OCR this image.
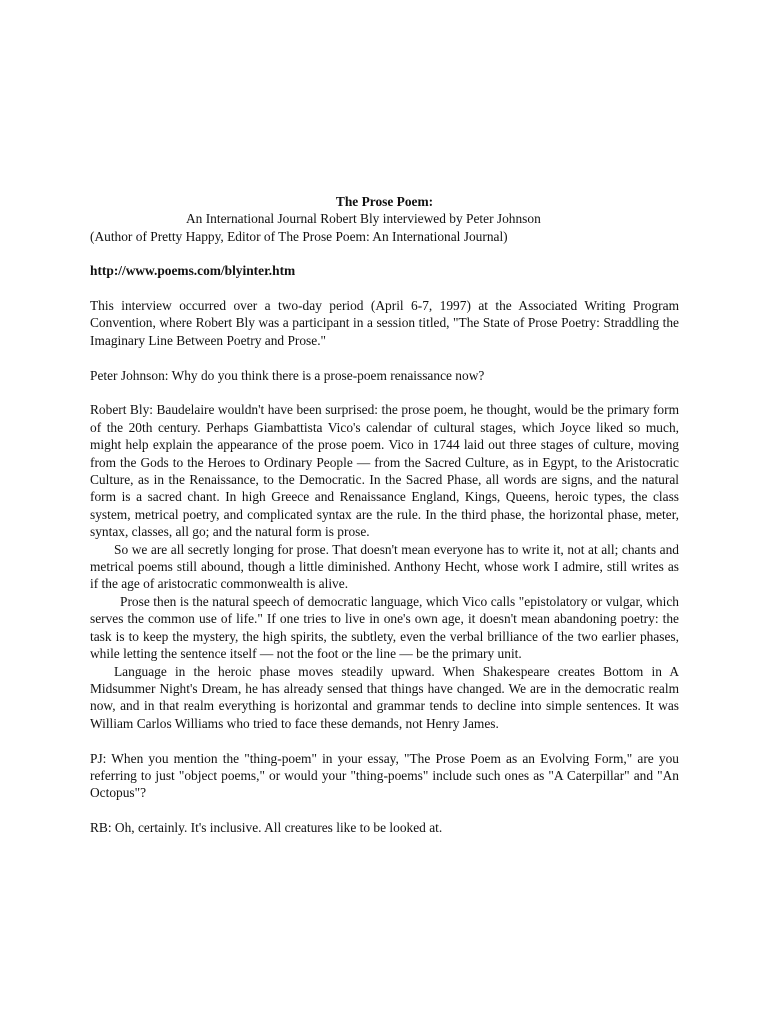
The Prose Poem:

An International Journal Robert Bly interviewed by Peter Johnson

(Author of Pretty Happy, Editor of The Prose Poem: An International Journal)

http://www.poems.com/blyinter.htm

This interview occurred over a two-day period (April 6-7, 1997) at the Associated Writing Program Convention, where Robert Bly was a participant in a session titled, "The State of Prose Poetry: Straddling the Imaginary Line Between Poetry and Prose."

Peter Johnson: Why do you think there is a prose-poem renaissance now?

Robert Bly: Baudelaire wouldn't have been surprised: the prose poem, he thought, would be the primary form of the 20th century. Perhaps Giambattista Vico's calendar of cultural stages, which Joyce liked so much, might help explain the appearance of the prose poem. Vico in 1744 laid out three stages of culture, moving from the Gods to the Heroes to Ordinary People — from the Sacred Culture, as in Egypt, to the Aristocratic Culture, as in the Renaissance, to the Democratic. In the Sacred Phase, all words are signs, and the natural form is a sacred chant. In high Greece and Renaissance England, Kings, Queens, heroic types, the class system, metrical poetry, and complicated syntax are the rule. In the third phase, the horizontal phase, meter, syntax, classes, all go; and the natural form is prose.

So we are all secretly longing for prose. That doesn't mean everyone has to write it, not at all; chants and metrical poems still abound, though a little diminished. Anthony Hecht, whose work I admire, still writes as if the age of aristocratic commonwealth is alive.

Prose then is the natural speech of democratic language, which Vico calls "epistolatory or vulgar, which serves the common use of life." If one tries to live in one's own age, it doesn't mean abandoning poetry: the task is to keep the mystery, the high spirits, the subtlety, even the verbal brilliance of the two earlier phases, while letting the sentence itself — not the foot or the line — be the primary unit.

Language in the heroic phase moves steadily upward. When Shakespeare creates Bottom in A Midsummer Night's Dream, he has already sensed that things have changed. We are in the democratic realm now, and in that realm everything is horizontal and grammar tends to decline into simple sentences. It was William Carlos Williams who tried to face these demands, not Henry James.

PJ: When you mention the "thing-poem" in your essay, "The Prose Poem as an Evolving Form," are you referring to just "object poems," or would your "thing-poems" include such ones as "A Caterpillar" and "An Octopus"?

RB: Oh, certainly. It's inclusive. All creatures like to be looked at.
